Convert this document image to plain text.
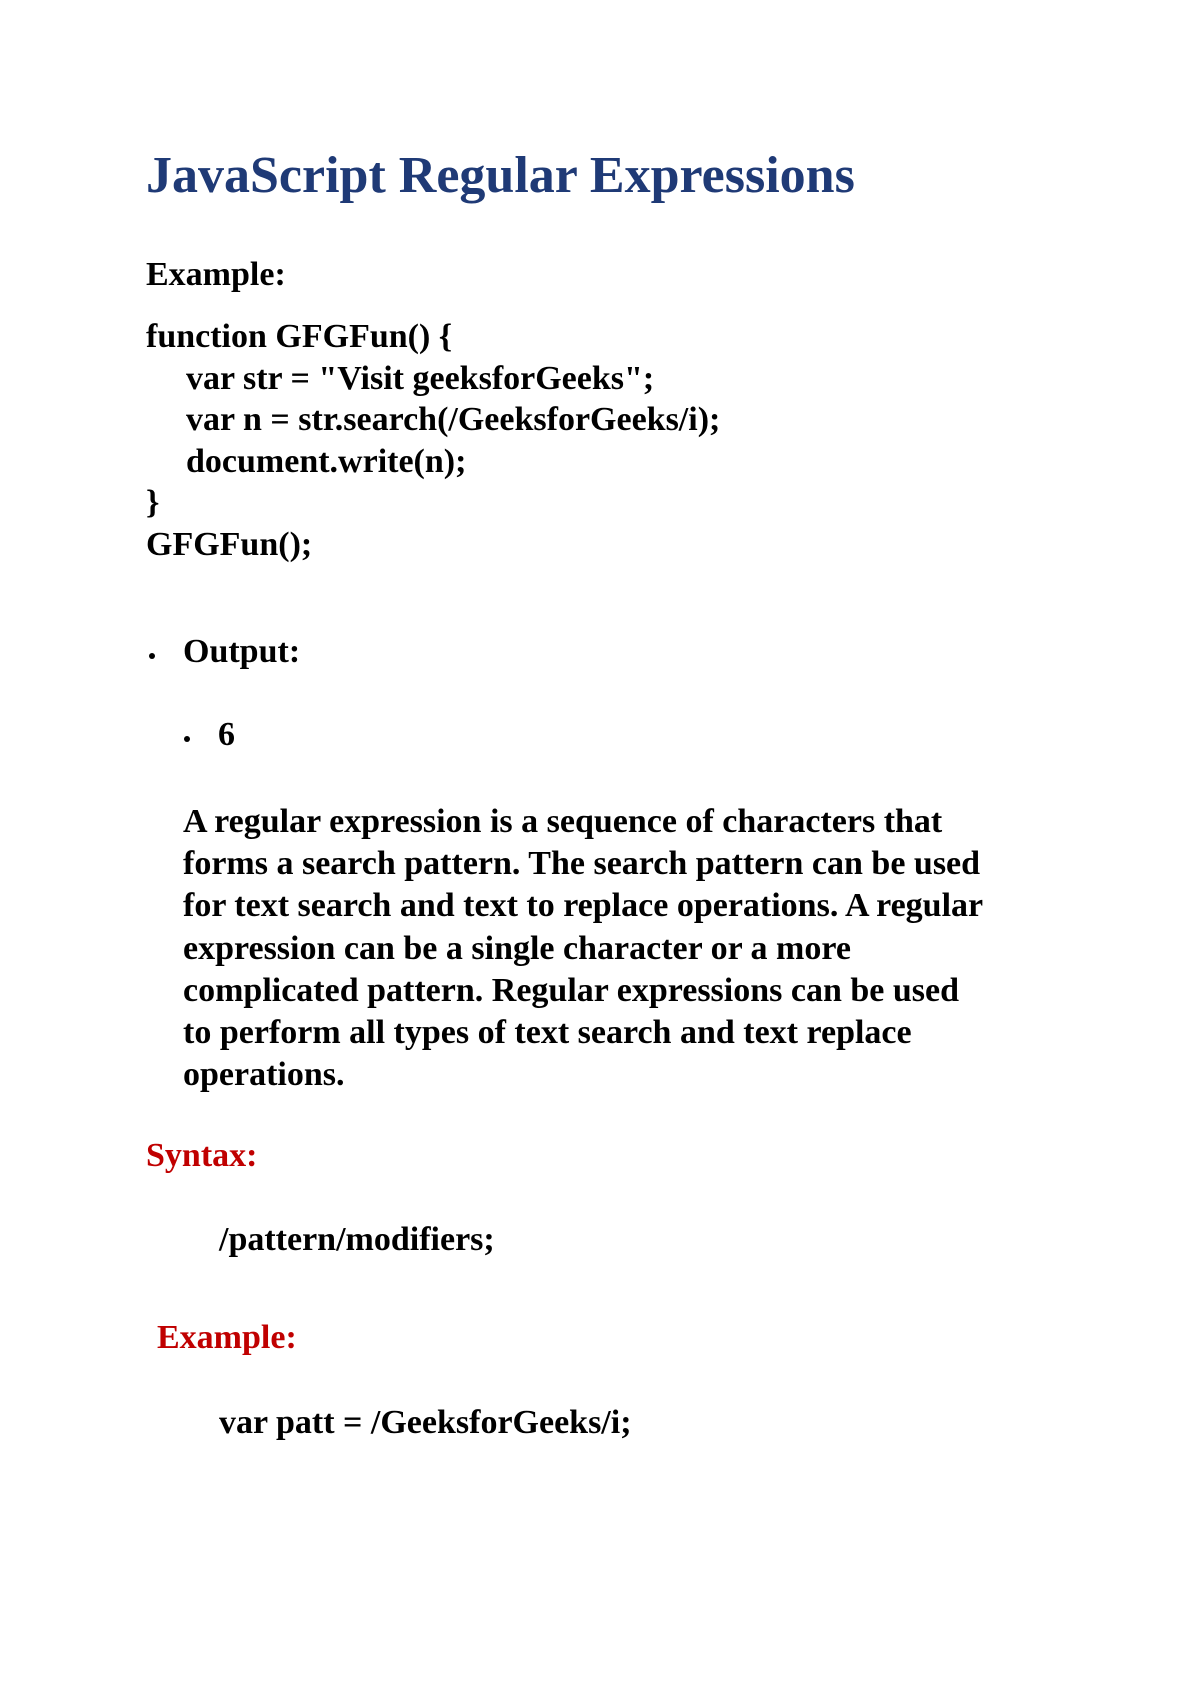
JavaScript Regular Expressions
Example:
function GFGFun() {
var str = "Visit geeksforGeeks";
var n = str.search(/GeeksforGeeks/i);
document.write(n);
}
GFGFun();
Output:
6
A regular expression is a sequence of characters that
forms a search pattern. The search pattern can be used
for text search and text to replace operations. A regular
expression can be a single character or a more
complicated pattern. Regular expressions can be used
to perform all types of text search and text replace
operations.
Syntax:
/pattern/modifiers;
Example:
var patt = /GeeksforGeeks/i;
